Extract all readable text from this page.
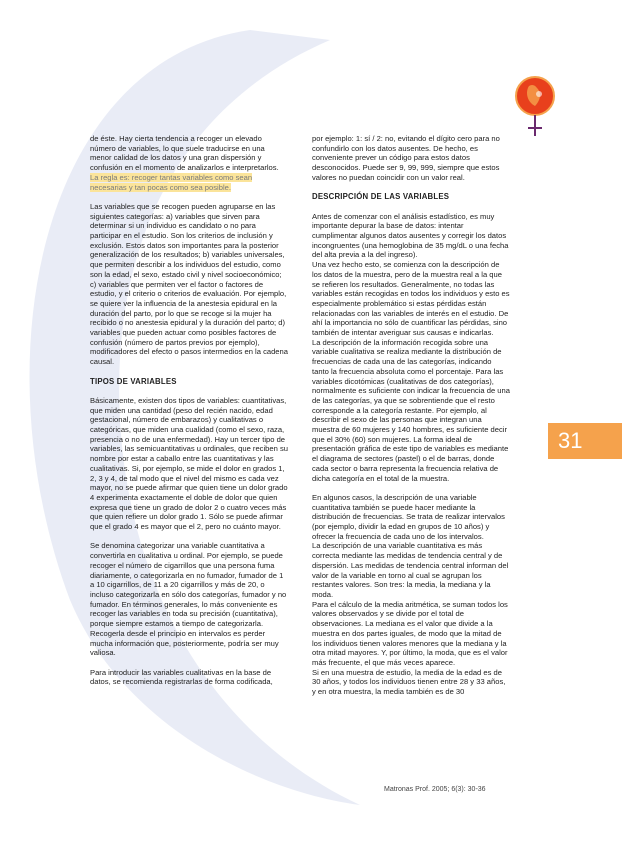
de éste. Hay cierta tendencia a recoger un elevado número de variables, lo que suele traducirse en una menor calidad de los datos y una gran dispersión y confusión en el momento de analizarlos e interpretarlos. La regla es: recoger tantas variables como sean necesarias y tan pocas como sea posible.

Las variables que se recogen pueden agruparse en las siguientes categorías: a) variables que sirven para determinar si un individuo es candidato o no para participar en el estudio. Son los criterios de inclusión y exclusión. Estos datos son importantes para la posterior generalización de los resultados; b) variables universales, que permiten describir a los individuos del estudio, como son la edad, el sexo, estado civil y nivel socioeconómico; c) variables que permiten ver el factor o factores de estudio, y el criterio o criterios de evaluación. Por ejemplo, se quiere ver la influencia de la anestesia epidural en la duración del parto, por lo que se recoge si la mujer ha recibido o no anestesia epidural y la duración del parto; d) variables que pueden actuar como posibles factores de confusión (número de partos previos por ejemplo), modificadores del efecto o pasos intermedios en la cadena causal.

TIPOS DE VARIABLES

Básicamente, existen dos tipos de variables: cuantitativas, que miden una cantidad (peso del recién nacido, edad gestacional, número de embarazos) y cualitativas o categóricas, que miden una cualidad (como el sexo, raza, presencia o no de una enfermedad). Hay un tercer tipo de variables, las semicuantitativas u ordinales, que reciben su nombre por estar a caballo entre las cuantitativas y las cualitativas. Si, por ejemplo, se mide el dolor en grados 1, 2, 3 y 4, de tal modo que el nivel del mismo es cada vez mayor, no se puede afirmar que quien tiene un dolor grado 4 experimenta exactamente el doble de dolor que quien expresa que tiene un grado de dolor 2 o cuatro veces más que quien refiere un dolor grado 1. Sólo se puede afirmar que el grado 4 es mayor que el 2, pero no cuánto mayor.

Se denomina categorizar una variable cuantitativa a convertirla en cualitativa u ordinal. Por ejemplo, se puede recoger el número de cigarrillos que una persona fuma diariamente, o categorizarla en no fumador, fumador de 1 a 10 cigarrillos, de 11 a 20 cigarrillos y más de 20, o incluso categorizarla en sólo dos categorías, fumador y no fumador. En términos generales, lo más conveniente es recoger las variables en toda su precisión (cuantitativa), porque siempre estamos a tiempo de categorizarla. Recogerla desde el principio en intervalos es perder mucha información que, posteriormente, podría ser muy valiosa.

Para introducir las variables cualitativas en la base de datos, se recomienda registrarlas de forma codificada,

por ejemplo: 1: sí / 2: no, evitando el dígito cero para no confundirlo con los datos ausentes. De hecho, es conveniente prever un código para estos datos desconocidos. Puede ser 9, 99, 999, siempre que estos valores no puedan coincidir con un valor real.

DESCRIPCIÓN DE LAS VARIABLES

Antes de comenzar con el análisis estadístico, es muy importante depurar la base de datos: intentar cumplimentar algunos datos ausentes y corregir los datos incongruentes (una hemoglobina de 35 mg/dL o una fecha del alta previa a la del ingreso).

Una vez hecho esto, se comienza con la descripción de los datos de la muestra, pero de la muestra real a la que se refieren los resultados. Generalmente, no todas las variables están recogidas en todos los individuos y esto es especialmente problemático si estas pérdidas están relacionadas con las variables de interés en el estudio. De ahí la importancia no sólo de cuantificar las pérdidas, sino también de intentar averiguar sus causas e indicarlas.

La descripción de la información recogida sobre una variable cualitativa se realiza mediante la distribución de frecuencias de cada una de las categorías, indicando tanto la frecuencia absoluta como el porcentaje. Para las variables dicotómicas (cualitativas de dos categorías), normalmente es suficiente con indicar la frecuencia de una de las categorías, ya que se sobrentiende que el resto corresponde a la categoría restante. Por ejemplo, al describir el sexo de las personas que integran una muestra de 60 mujeres y 140 hombres, es suficiente decir que el 30% (60) son mujeres. La forma ideal de presentación gráfica de este tipo de variables es mediante el diagrama de sectores (pastel) o el de barras, donde cada sector o barra representa la frecuencia relativa de dicha categoría en el total de la muestra.

En algunos casos, la descripción de una variable cuantitativa también se puede hacer mediante la distribución de frecuencias. Se trata de realizar intervalos (por ejemplo, dividir la edad en grupos de 10 años) y ofrecer la frecuencia de cada uno de los intervalos.

La descripción de una variable cuantitativa es más correcta mediante las medidas de tendencia central y de dispersión. Las medidas de tendencia central informan del valor de la variable en torno al cual se agrupan los restantes valores. Son tres: la media, la mediana y la moda.

Para el cálculo de la media aritmética, se suman todos los valores observados y se divide por el total de observaciones. La mediana es el valor que divide a la muestra en dos partes iguales, de modo que la mitad de los individuos tienen valores menores que la mediana y la otra mitad mayores. Y, por último, la moda, que es el valor más frecuente, el que más veces aparece.

Si en una muestra de estudio, la media de la edad es de 30 años, y todos los individuos tienen entre 28 y 33 años, y en otra muestra, la media también es de 30

31
Matronas Prof. 2005; 6(3): 30-36
